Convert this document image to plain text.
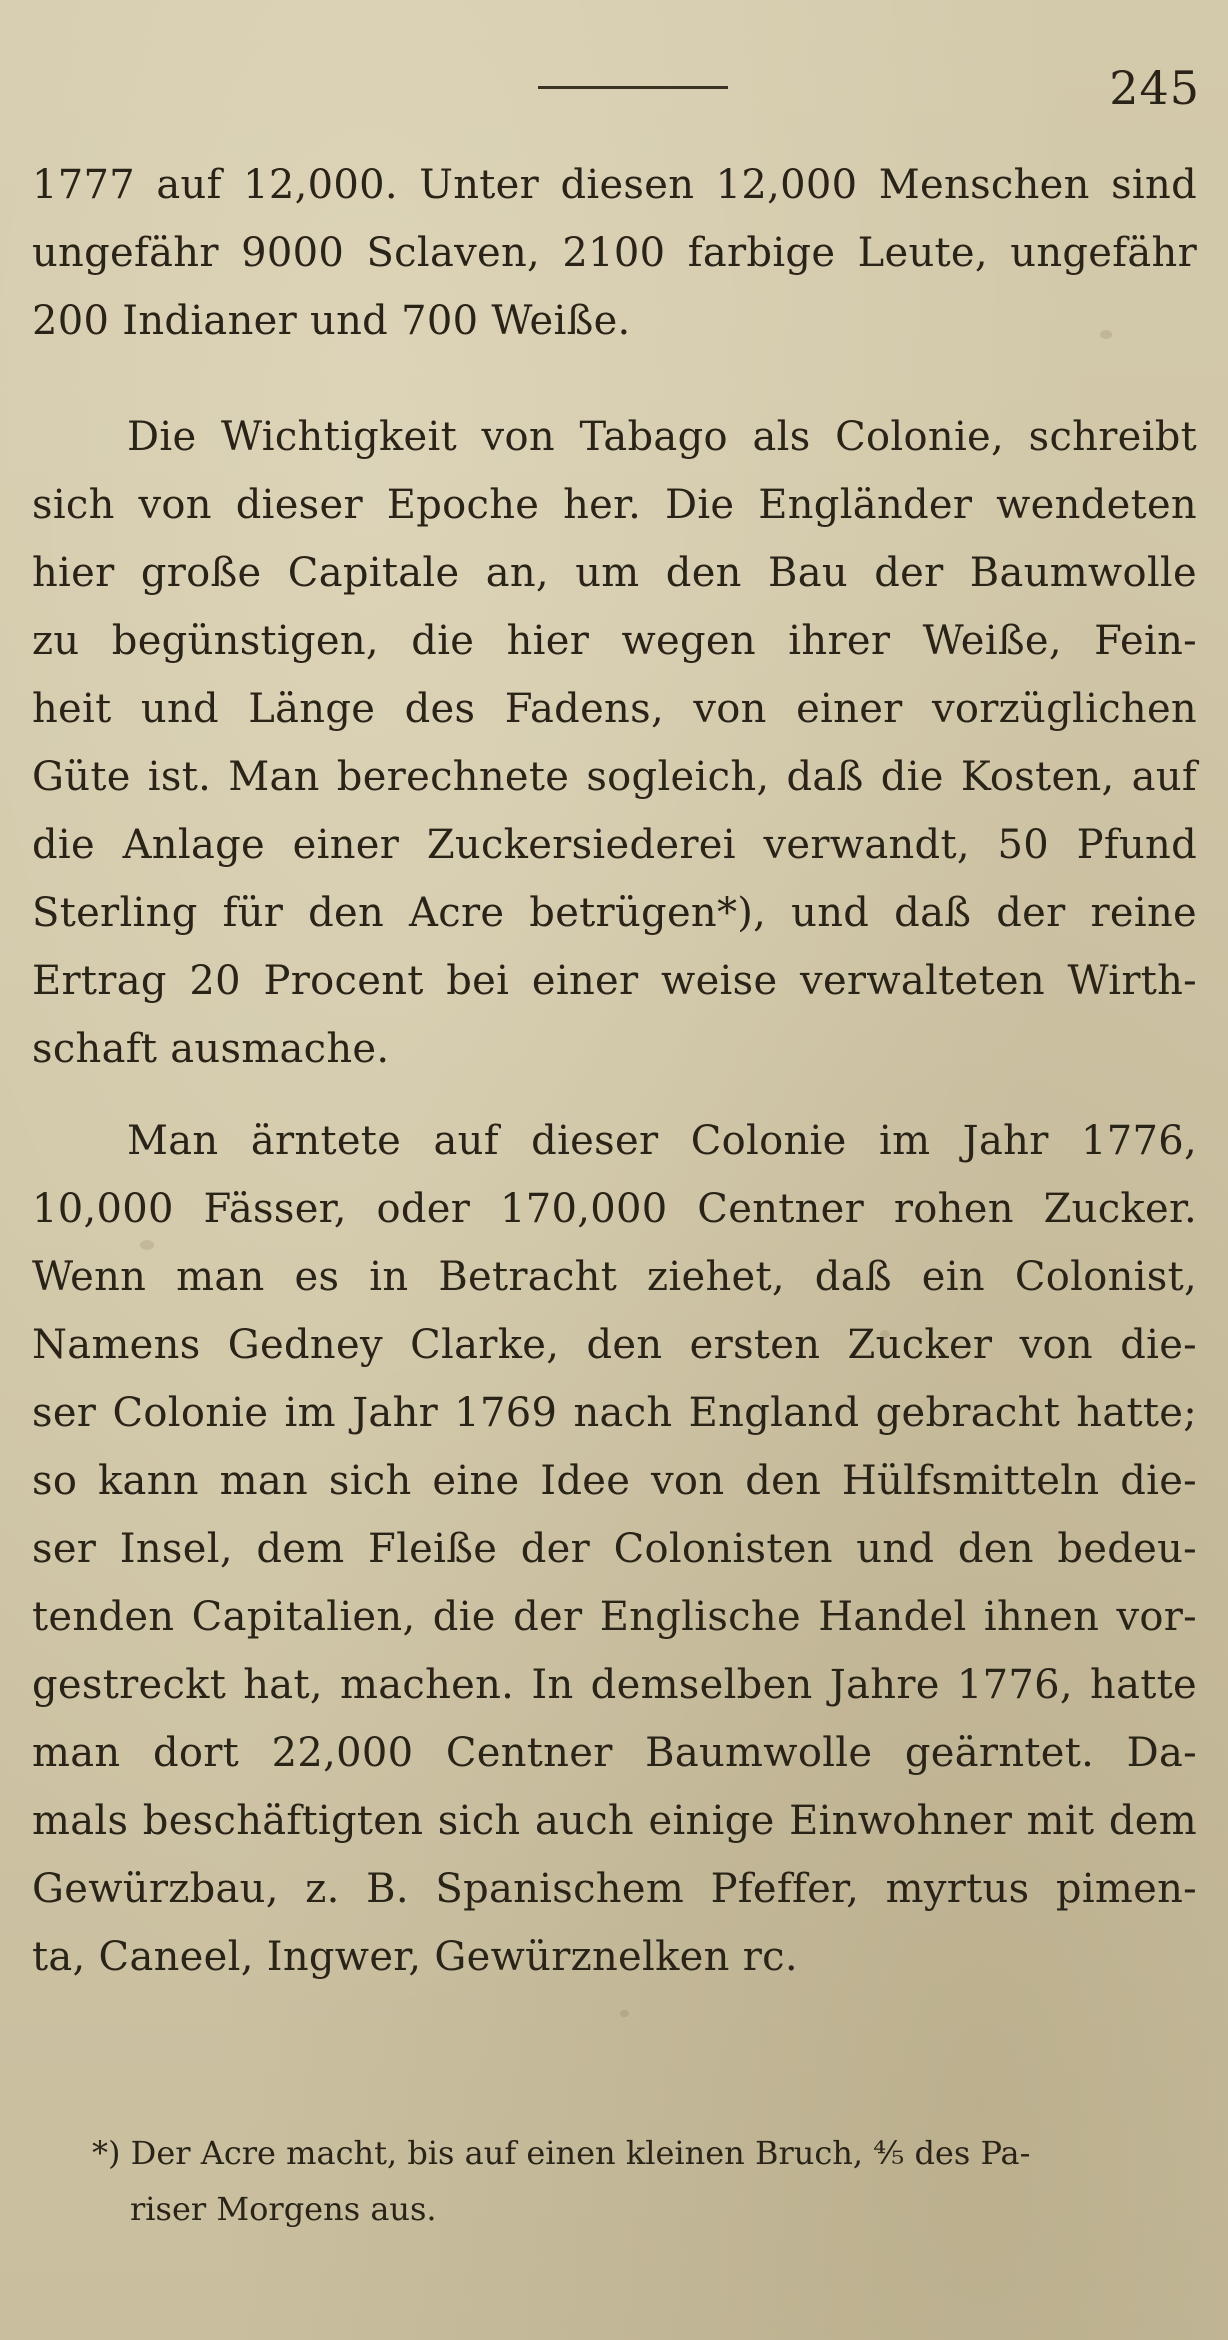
245
1777 auf 12,000. Unter diesen 12,000 Menschen sind
ungefähr 9000 Sclaven, 2100 farbige Leute, ungefähr
200 Indianer und 700 Weiße.
Die Wichtigkeit von Tabago als Colonie, schreibt
sich von dieser Epoche her. Die Engländer wendeten
hier große Capitale an, um den Bau der Baumwolle
zu begünstigen, die hier wegen ihrer Weiße, Fein-
heit und Länge des Fadens, von einer vorzüglichen
Güte ist. Man berechnete sogleich, daß die Kosten, auf
die Anlage einer Zuckersiederei verwandt, 50 Pfund
Sterling für den Acre betrügen*), und daß der reine
Ertrag 20 Procent bei einer weise verwalteten Wirth-
schaft ausmache.
Man ärntete auf dieser Colonie im Jahr 1776,
10,000 Fässer, oder 170,000 Centner rohen Zucker.
Wenn man es in Betracht ziehet, daß ein Colonist,
Namens Gedney Clarke, den ersten Zucker von die-
ser Colonie im Jahr 1769 nach England gebracht hatte;
so kann man sich eine Idee von den Hülfsmitteln die-
ser Insel, dem Fleiße der Colonisten und den bedeu-
tenden Capitalien, die der Englische Handel ihnen vor-
gestreckt hat, machen. In demselben Jahre 1776, hatte
man dort 22,000 Centner Baumwolle geärntet. Da-
mals beschäftigten sich auch einige Einwohner mit dem
Gewürzbau, z. B. Spanischem Pfeffer, myrtus pimen-
ta, Caneel, Ingwer, Gewürznelken rc.
*) Der Acre macht, bis auf einen kleinen Bruch, ⅘ des Pa-
riser Morgens aus.
